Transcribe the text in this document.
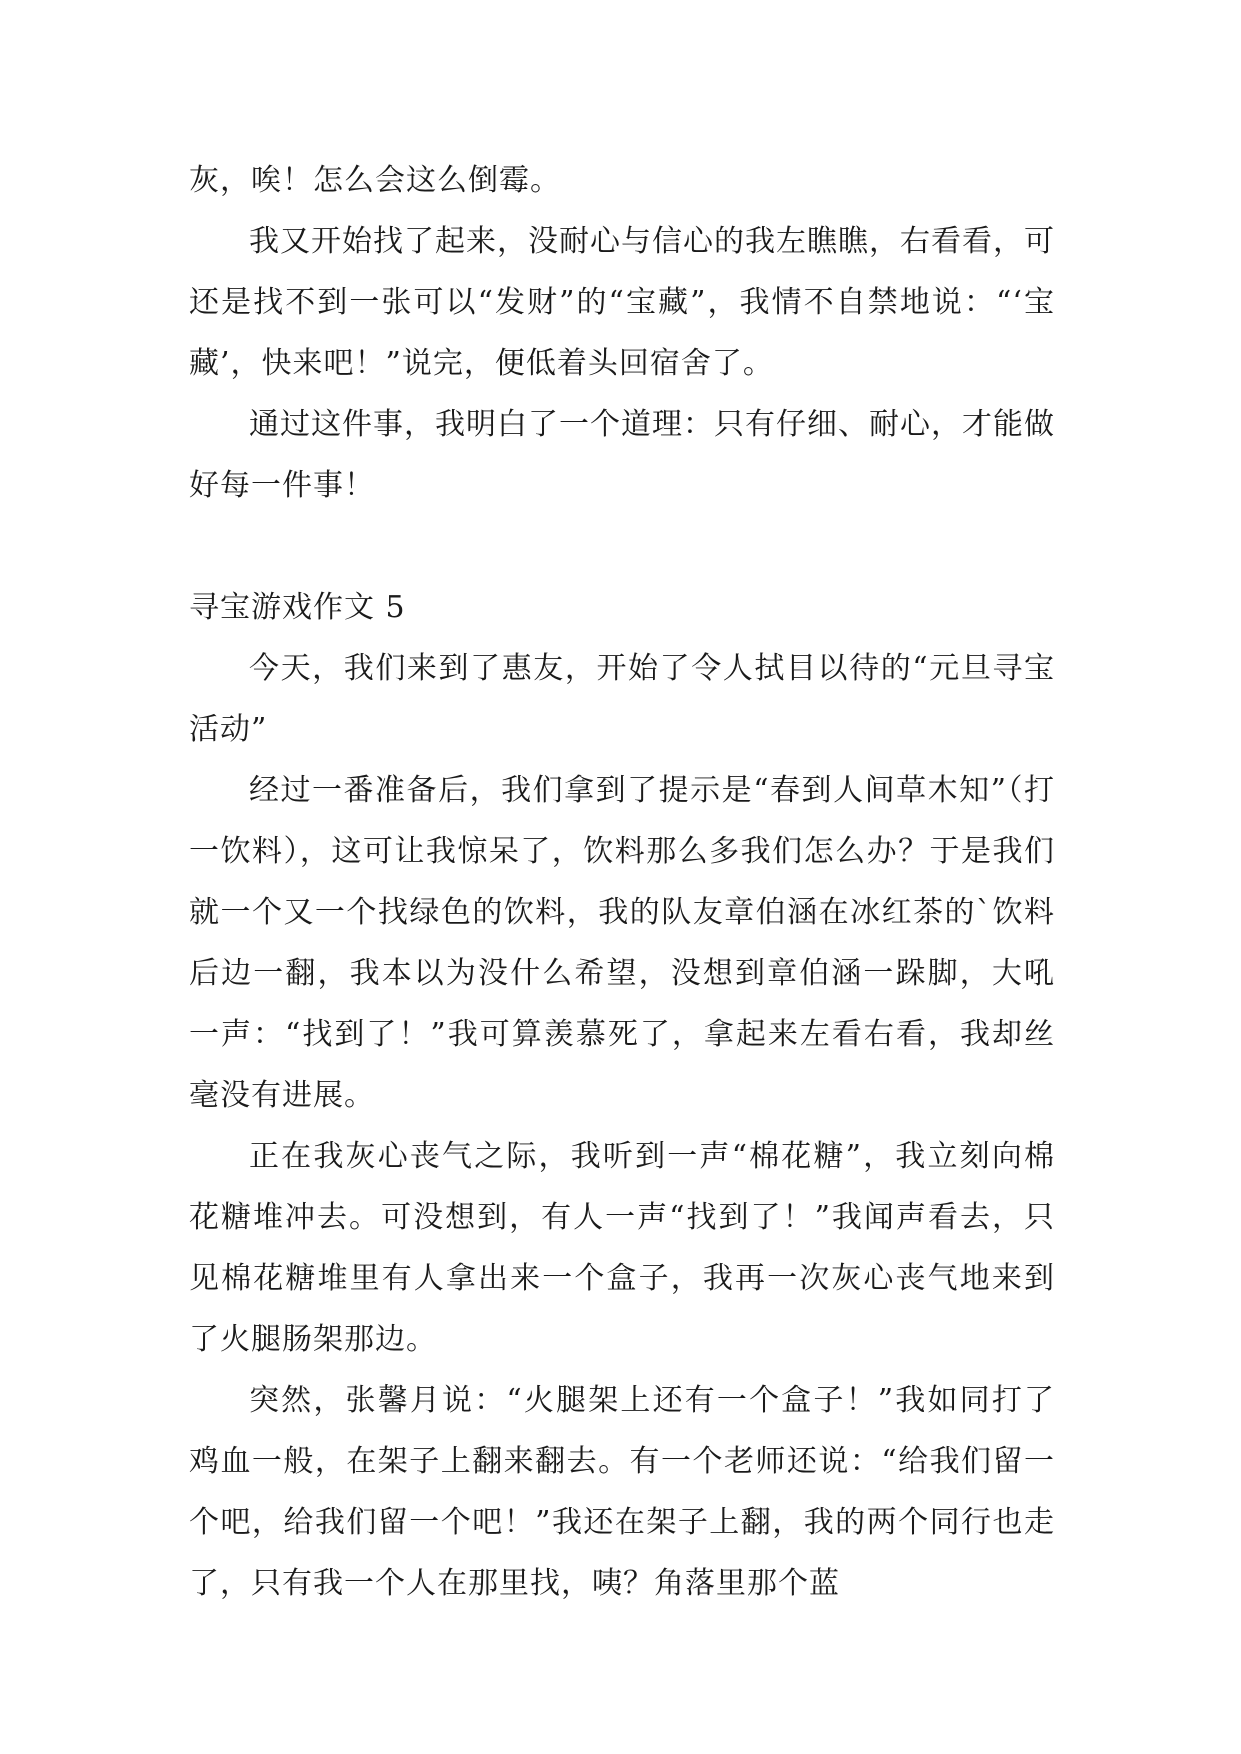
灰，唉！怎么会这么倒霉。

我又开始找了起来，没耐心与信心的我左瞧瞧，右看看，可还是找不到一张可以“发财”的“宝藏”，我情不自禁地说：“‘宝藏’，快来吧！”说完，便低着头回宿舍了。

通过这件事，我明白了一个道理：只有仔细、耐心，才能做好每一件事！

寻宝游戏作文 5

今天，我们来到了惠友，开始了令人拭目以待的“元旦寻宝活动”

经过一番准备后，我们拿到了提示是“春到人间草木知”（打一饮料），这可让我惊呆了，饮料那么多我们怎么办？于是我们就一个又一个找绿色的饮料，我的队友章伯涵在冰红茶的`饮料后边一翻，我本以为没什么希望，没想到章伯涵一跺脚，大吼一声：“找到了！”我可算羡慕死了，拿起来左看右看，我却丝毫没有进展。

正在我灰心丧气之际，我听到一声“棉花糖”，我立刻向棉花糖堆冲去。可没想到，有人一声“找到了！”我闻声看去，只见棉花糖堆里有人拿出来一个盒子，我再一次灰心丧气地来到了火腿肠架那边。

突然，张馨月说：“火腿架上还有一个盒子！”我如同打了鸡血一般，在架子上翻来翻去。有一个老师还说：“给我们留一个吧，给我们留一个吧！”我还在架子上翻，我的两个同行也走了，只有我一个人在那里找，咦？角落里那个蓝
